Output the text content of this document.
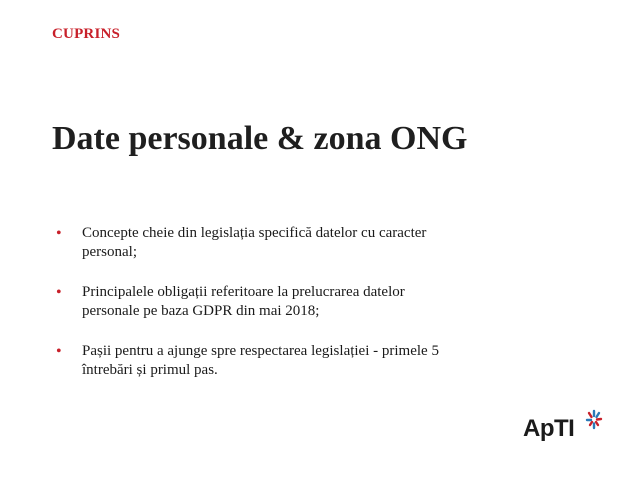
CUPRINS
Date personale & zona ONG
• Concepte cheie din legislația specifică datelor cu caracter
personal;
• Principalele obligații referitoare la prelucrarea datelor
personale pe baza GDPR din mai 2018;
• Pașii pentru a ajunge spre respectarea legislației - primele 5
întrebări și primul pas.
ApTI
